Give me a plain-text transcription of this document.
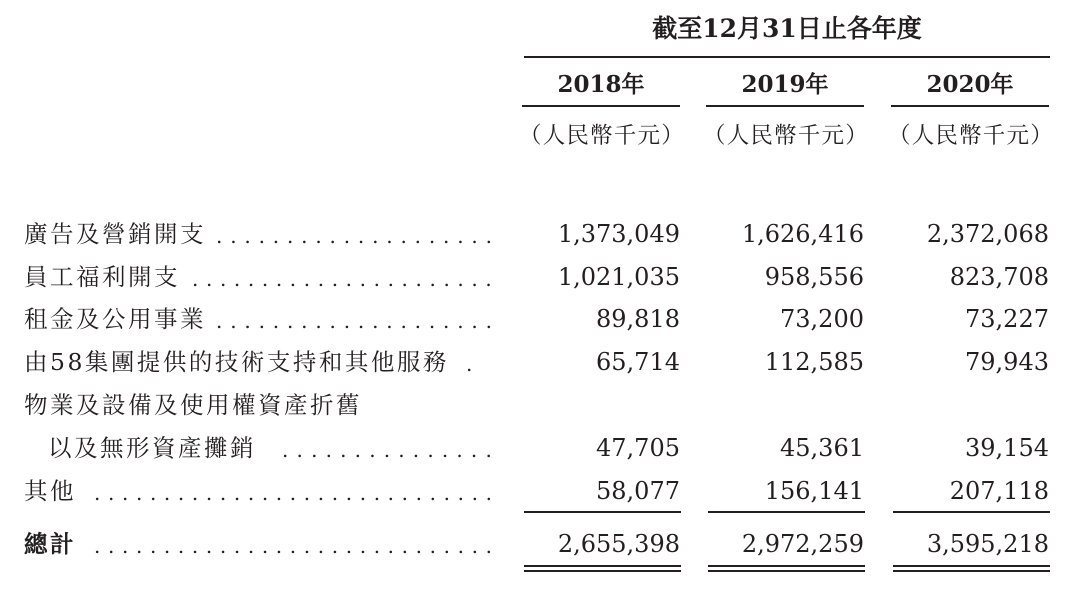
截至12月31日止各年度
2018年	2019年	2020年
（人民幣千元） （人民幣千元） （人民幣千元）
廣告及營銷開支 . . . . . . . . . . . . . . . . . . . .	1,373,049	1,626,416	2,372,068
員工福利開支 . . . . . . . . . . . . . . . . . . . . . .	1,021,035	958,556	823,708
租金及公用事業 . . . . . . . . . . . . . . . . . . . .	89,818	73,200	73,227
由58集團提供的技術支持和其他服務 .	65,714	112,585	79,943
物業及設備及使用權資產折舊
以及無形資產攤銷 . . . . . . . . . . . . . . .	47,705	45,361	39,154
其他 . . . . . . . . . . . . . . . . . . . . . . . . . . . . .	58,077	156,141	207,118
總計 . . . . . . . . . . . . . . . . . . . . . . . . . . . . .	2,655,398	2,972,259	3,595,218
